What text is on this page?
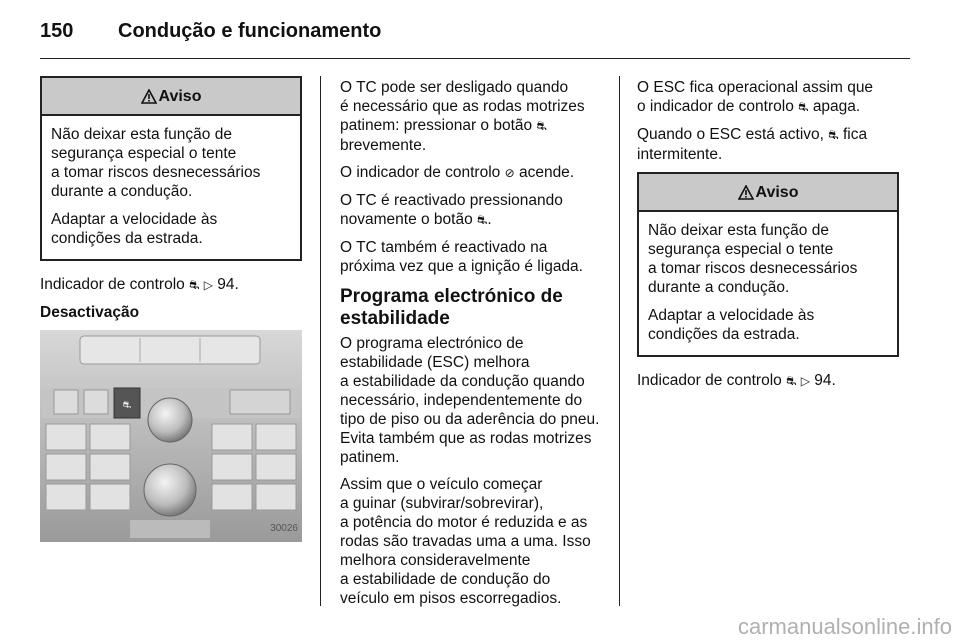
150 Condução e funcionamento
Aviso

Não deixar esta função de
segurança especial o tente
a tomar riscos desnecessários
durante a condução.

Adaptar a velocidade às
condições da estrada.

Indicador de controlo ⛐ ▷ 94.

Desactivação
⛐
30026

O TC pode ser desligado quando
é necessário que as rodas motrizes
patinem: pressionar o botão ⛐
brevemente.

O indicador de controlo ⊘ acende.

O TC é reactivado pressionando
novamente o botão ⛐.

O TC também é reactivado na
próxima vez que a ignição é ligada.

Programa electrónico de
estabilidade

O programa electrónico de
estabilidade (ESC) melhora
a estabilidade da condução quando
necessário, independentemente do
tipo de piso ou da aderência do pneu.
Evita também que as rodas motrizes
patinem.

Assim que o veículo começar
a guinar (subvirar/sobrevirar),
a potência do motor é reduzida e as
rodas são travadas uma a uma. Isso
melhora consideravelmente
a estabilidade de condução do
veículo em pisos escorregadios.

O ESC fica operacional assim que
o indicador de controlo ⛐ apaga.

Quando o ESC está activo, ⛐ fica
intermitente.

Aviso

Não deixar esta função de
segurança especial o tente
a tomar riscos desnecessários
durante a condução.

Adaptar a velocidade às
condições da estrada.

Indicador de controlo ⛐ ▷ 94.

carmanualsonline.info
